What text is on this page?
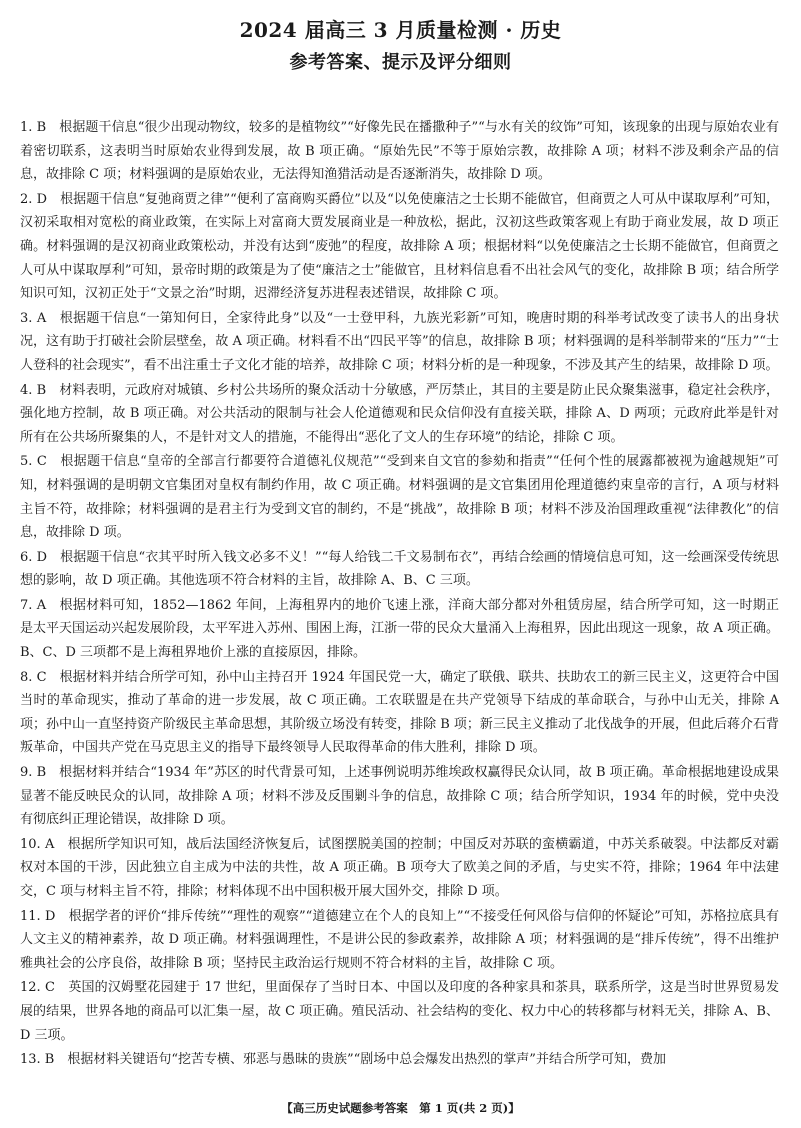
2024 届高三 3 月质量检测 · 历史
参考答案、提示及评分细则
1. B　根据题干信息“很少出现动物纹，较多的是植物纹”“好像先民在播撒种子”“与水有关的纹饰”可知，该现象的出现与原始农业有着密切联系，这表明当时原始农业得到发展，故 B 项正确。“原始先民”不等于原始宗教，故排除 A 项；材料不涉及剩余产品的信息，故排除 C 项；材料强调的是原始农业，无法得知渔猎活动是否逐渐消失，故排除 D 项。
2. D　根据题干信息“复弛商贾之律”“便利了富商购买爵位”以及“以免使廉洁之士长期不能做官，但商贾之人可从中谋取厚利”可知，汉初采取相对宽松的商业政策，在实际上对富商大贾发展商业是一种放松，据此，汉初这些政策客观上有助于商业发展，故 D 项正确。材料强调的是汉初商业政策松动，并没有达到“废弛”的程度，故排除 A 项；根据材料“以免使廉洁之士长期不能做官，但商贾之人可从中谋取厚利”可知，景帝时期的政策是为了使“廉洁之士”能做官，且材料信息看不出社会风气的变化，故排除 B 项；结合所学知识可知，汉初正处于“文景之治”时期，迟滞经济复苏进程表述错误，故排除 C 项。
3. A　根据题干信息“一第知何日，全家待此身”以及“一士登甲科，九族光彩新”可知，晚唐时期的科举考试改变了读书人的出身状况，这有助于打破社会阶层壁垒，故 A 项正确。材料看不出“四民平等”的信息，故排除 B 项；材料强调的是科举制带来的“压力”“士人登科的社会现实”，看不出注重士子文化才能的培养，故排除 C 项；材料分析的是一种现象，不涉及其产生的结果，故排除 D 项。
4. B　材料表明，元政府对城镇、乡村公共场所的聚众活动十分敏感，严厉禁止，其目的主要是防止民众聚集滋事，稳定社会秩序，强化地方控制，故 B 项正确。对公共活动的限制与社会人伦道德观和民众信仰没有直接关联，排除 A、D 两项；元政府此举是针对所有在公共场所聚集的人，不是针对文人的措施，不能得出“恶化了文人的生存环境”的结论，排除 C 项。
5. C　根据题干信息“皇帝的全部言行都要符合道德礼仪规范”“受到来自文官的参劾和指责”“任何个性的展露都被视为逾越规矩”可知，材料强调的是明朝文官集团对皇权有制约作用，故 C 项正确。材料强调的是文官集团用伦理道德约束皇帝的言行，A 项与材料主旨不符，故排除；材料强调的是君主行为受到文官的制约，不是“挑战”，故排除 B 项；材料不涉及治国理政重视“法律教化”的信息，故排除 D 项。
6. D　根据题干信息“衣其平时所入钱文必多不义！”“每人给钱二千文易制布衣”，再结合绘画的情境信息可知，这一绘画深受传统思想的影响，故 D 项正确。其他选项不符合材料的主旨，故排除 A、B、C 三项。
7. A　根据材料可知，1852—1862 年间，上海租界内的地价飞速上涨，洋商大部分都对外租赁房屋，结合所学可知，这一时期正是太平天国运动兴起发展阶段，太平军进入苏州、围困上海，江浙一带的民众大量涌入上海租界，因此出现这一现象，故 A 项正确。B、C、D 三项都不是上海租界地价上涨的直接原因，排除。
8. C　根据材料并结合所学可知，孙中山主持召开 1924 年国民党一大，确定了联俄、联共、扶助农工的新三民主义，这更符合中国当时的革命现实，推动了革命的进一步发展，故 C 项正确。工农联盟是在共产党领导下结成的革命联合，与孙中山无关，排除 A 项；孙中山一直坚持资产阶级民主革命思想，其阶级立场没有转变，排除 B 项；新三民主义推动了北伐战争的开展，但此后蒋介石背叛革命，中国共产党在马克思主义的指导下最终领导人民取得革命的伟大胜利，排除 D 项。
9. B　根据材料并结合“1934 年”苏区的时代背景可知，上述事例说明苏维埃政权赢得民众认同，故 B 项正确。革命根据地建设成果显著不能反映民众的认同，故排除 A 项；材料不涉及反围剿斗争的信息，故排除 C 项；结合所学知识，1934 年的时候，党中央没有彻底纠正理论错误，故排除 D 项。
10. A　根据所学知识可知，战后法国经济恢复后，试图摆脱美国的控制；中国反对苏联的蛮横霸道，中苏关系破裂。中法都反对霸权对本国的干涉，因此独立自主成为中法的共性，故 A 项正确。B 项夸大了欧美之间的矛盾，与史实不符，排除；1964 年中法建交，C 项与材料主旨不符，排除；材料体现不出中国积极开展大国外交，排除 D 项。
11. D　根据学者的评价“排斥传统”“理性的观察”“道德建立在个人的良知上”“不接受任何风俗与信仰的怀疑论”可知，苏格拉底具有人文主义的精神素养，故 D 项正确。材料强调理性，不是讲公民的参政素养，故排除 A 项；材料强调的是“排斥传统”，得不出维护雅典社会的公序良俗，故排除 B 项；坚持民主政治运行规则不符合材料的主旨，故排除 C 项。
12. C　英国的汉姆墅花园建于 17 世纪，里面保存了当时日本、中国以及印度的各种家具和茶具，联系所学，这是当时世界贸易发展的结果，世界各地的商品可以汇集一屋，故 C 项正确。殖民活动、社会结构的变化、权力中心的转移都与材料无关，排除 A、B、D 三项。
13. B　根据材料关键语句“挖苦专横、邪恶与愚昧的贵族”“剧场中总会爆发出热烈的掌声”并结合所学可知，费加
【高三历史试题参考答案　第 1 页(共 2 页)】
